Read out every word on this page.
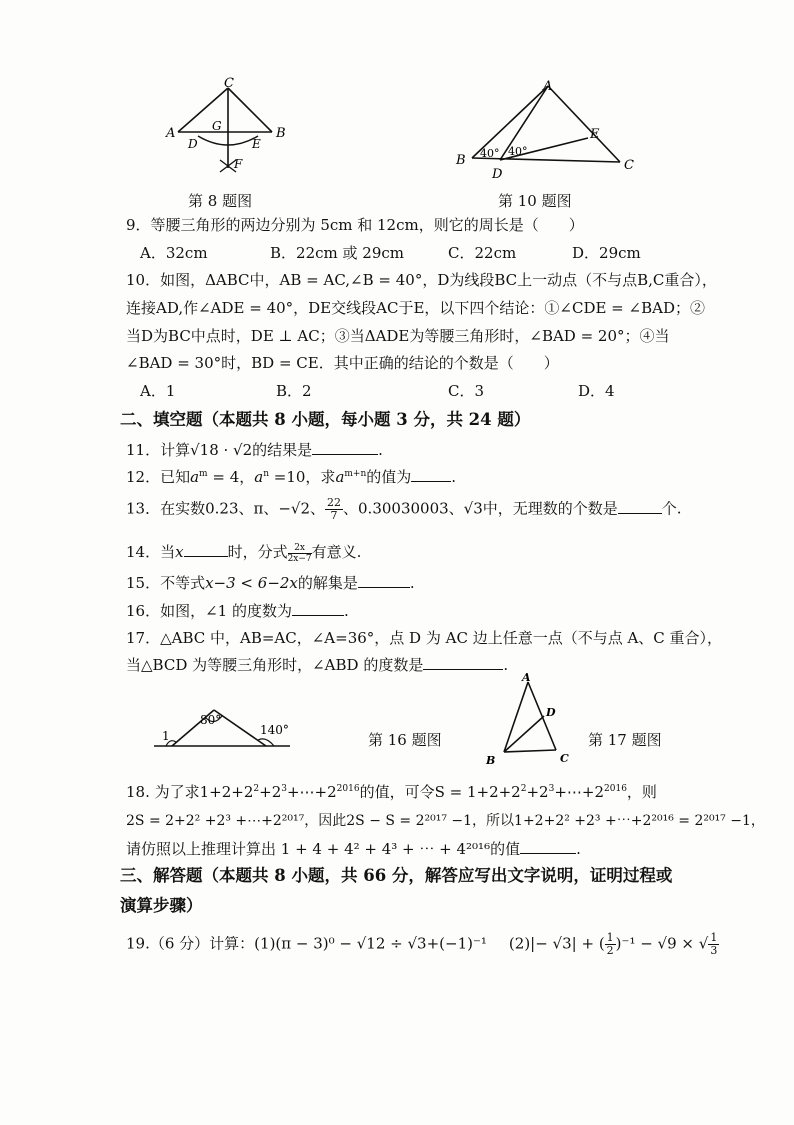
C
A	B
G
D	E
F
第 8 题图
A
B	C
D
E
40° 40°
第 10 题图
9．等腰三角形的两边分别为 5cm 和 12cm，则它的周长是（　　）
A．32cm	B．22cm 或 29cm	C．22cm	D．29cm
10．如图，ΔABC中，AB = AC,∠B = 40°，D为线段BC上一动点（不与点B,C重合），
连接AD,作∠ADE = 40°，DE交线段AC于E，以下四个结论：①∠CDE = ∠BAD；②
当D为BC中点时，DE ⊥ AC；③当ΔADE为等腰三角形时，∠BAD = 20°；④当
∠BAD = 30°时，BD = CE．其中正确的结论的个数是（　　）
A．1	B．2	C．3	D．4
二、填空题（本题共 8 小题，每小题 3 分，共 24 题）
11．计算√18 · √2的结果是	.
12．已知$a^m = 4$，$a^n =10$，求$a^{m+n}$的值为	.
13．在实数0.23、π、−√2、 $\frac{22}{7}$ 、0.30030003、√3中，无理数的个数是	个.
14．当x	时，分式 $\frac{2x}{2x-7}$ 有意义.
15．不等式x−3 < 6−2x的解集是	.
16．如图，∠1 的度数为	.
17．△ABC 中，AB=AC，∠A=36°，点 D 为 AC 边上任意一点（不与点 A、C 重合），
当△BCD 为等腰三角形时，∠ABD 的度数是	.
1
80°
140°
第 16 题图
A
B	C
D
第 17 题图
18. 为了求$1+2+2^2+2^3+\cdots+2^{2016}$的值，可令$S = 1+2+2^2+2^3+\cdots+2^{2016}$，则
2S = 2+2² +2³ +⋯+2²⁰¹⁷，因此2S − S = 2²⁰¹⁷ −1，所以1+2+2² +2³ +⋯+2²⁰¹⁶ = 2²⁰¹⁷ −1，
请仿照以上推理计算出 1 + 4 + 4² + 4³ + ⋯ + 4²⁰¹⁶的值	.
三、解答题（本题共 8 小题，共 66 分，解答应写出文字说明，证明过程或
演算步骤）
19.（6 分）计算：(1)(π − 3)⁰ − √12 ÷ √3+(−1)⁻¹ (2)|− √3| + ( $\frac{1}{2} )^{-1} - √9$ × √ $\frac{1}{3}$
